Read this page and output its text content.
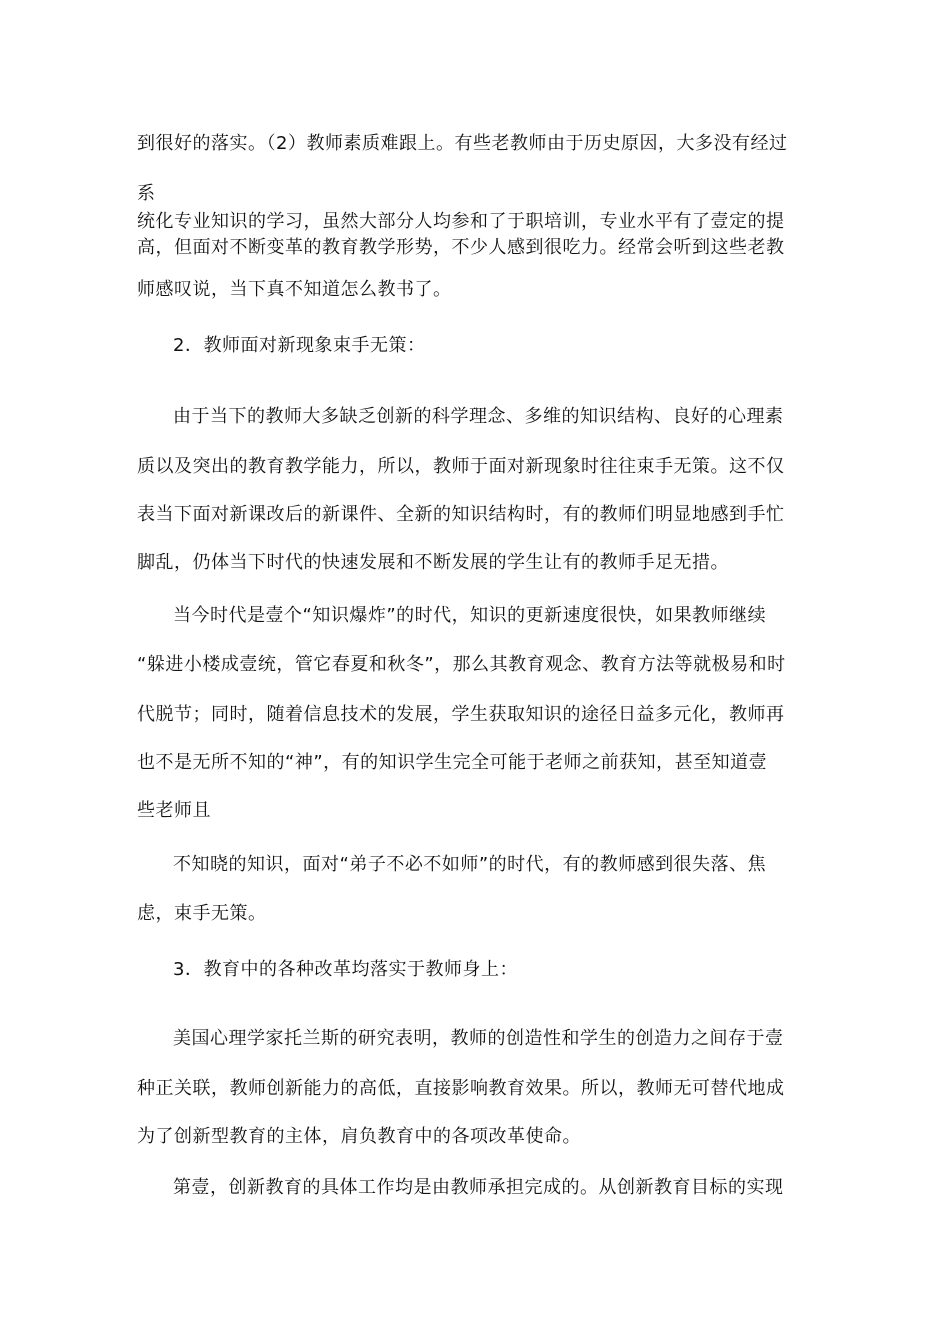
到很好的落实。（2）教师素质难跟上。有些老教师由于历史原因，大多没有经过
系
统化专业知识的学习，虽然大部分人均参和了于职培训，专业水平有了壹定的提
高，但面对不断变革的教育教学形势，不少人感到很吃力。经常会听到这些老教
师感叹说，当下真不知道怎么教书了。
2．教师面对新现象束手无策：
由于当下的教师大多缺乏创新的科学理念、多维的知识结构、良好的心理素
质以及突出的教育教学能力，所以，教师于面对新现象时往往束手无策。这不仅
表当下面对新课改后的新课件、全新的知识结构时，有的教师们明显地感到手忙
脚乱，仍体当下时代的快速发展和不断发展的学生让有的教师手足无措。
当今时代是壹个“知识爆炸”的时代，知识的更新速度很快，如果教师继续
“躲进小楼成壹统，管它春夏和秋冬”，那么其教育观念、教育方法等就极易和时
代脱节；同时，随着信息技术的发展，学生获取知识的途径日益多元化，教师再
也不是无所不知的“神”，有的知识学生完全可能于老师之前获知，甚至知道壹
些老师且
不知晓的知识，面对“弟子不必不如师”的时代，有的教师感到很失落、焦
虑，束手无策。
3．教育中的各种改革均落实于教师身上：
美国心理学家托兰斯的研究表明，教师的创造性和学生的创造力之间存于壹
种正关联，教师创新能力的高低，直接影响教育效果。所以，教师无可替代地成
为了创新型教育的主体，肩负教育中的各项改革使命。
第壹，创新教育的具体工作均是由教师承担完成的。从创新教育目标的实现
